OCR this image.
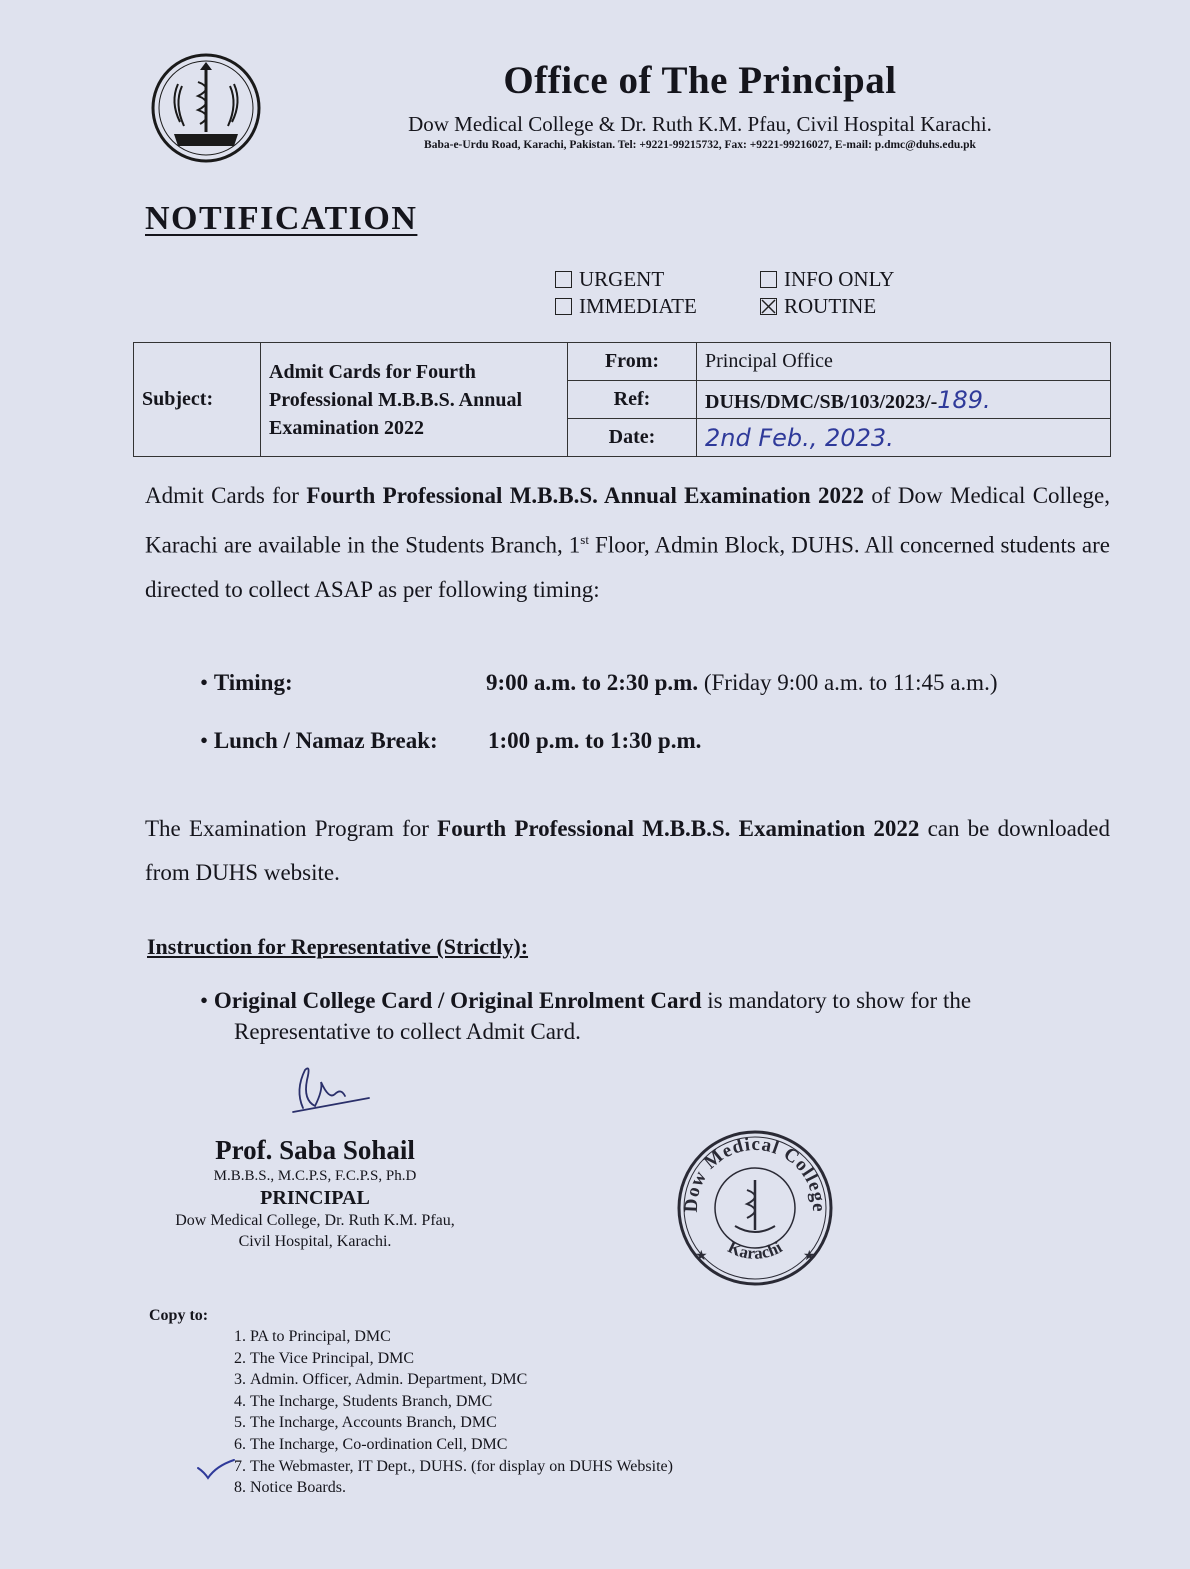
Office of The Principal
Dow Medical College & Dr. Ruth K.M. Pfau, Civil Hospital Karachi.
Baba-e-Urdu Road, Karachi, Pakistan. Tel: +9221-99215732, Fax: +9221-99216027, E-mail: p.dmc@duhs.edu.pk
NOTIFICATION
URGENT
IMMEDIATE
INFO ONLY
ROUTINE
Subject:	Admit Cards for Fourth Professional M.B.B.S. Annual Examination 2022	From:	Principal Office
		Ref:	DUHS/DMC/SB/103/2023/-189.
		Date:	2nd Feb., 2023.
Admit Cards for Fourth Professional M.B.B.S. Annual Examination 2022 of Dow Medical College, Karachi are available in the Students Branch, 1st Floor, Admin Block, DUHS. All concerned students are directed to collect ASAP as per following timing:
• Timing:	9:00 a.m. to 2:30 p.m. (Friday 9:00 a.m. to 11:45 a.m.)
• Lunch / Namaz Break: 1:00 p.m. to 1:30 p.m.
The Examination Program for Fourth Professional M.B.B.S. Examination 2022 can be downloaded from DUHS website.
Instruction for Representative (Strictly):
• Original College Card / Original Enrolment Card is mandatory to show for the
Representative to collect Admit Card.
Prof. Saba Sohail
M.B.B.S., M.C.P.S, F.C.P.S, Ph.D
PRINCIPAL
Dow Medical College, Dr. Ruth K.M. Pfau,
Civil Hospital, Karachi.
Dow Medical College
Karachi
★	★
Copy to:
1. PA to Principal, DMC
2. The Vice Principal, DMC
3. Admin. Officer, Admin. Department, DMC
4. The Incharge, Students Branch, DMC
5. The Incharge, Accounts Branch, DMC
6. The Incharge, Co-ordination Cell, DMC
7. The Webmaster, IT Dept., DUHS. (for display on DUHS Website)
8. Notice Boards.
